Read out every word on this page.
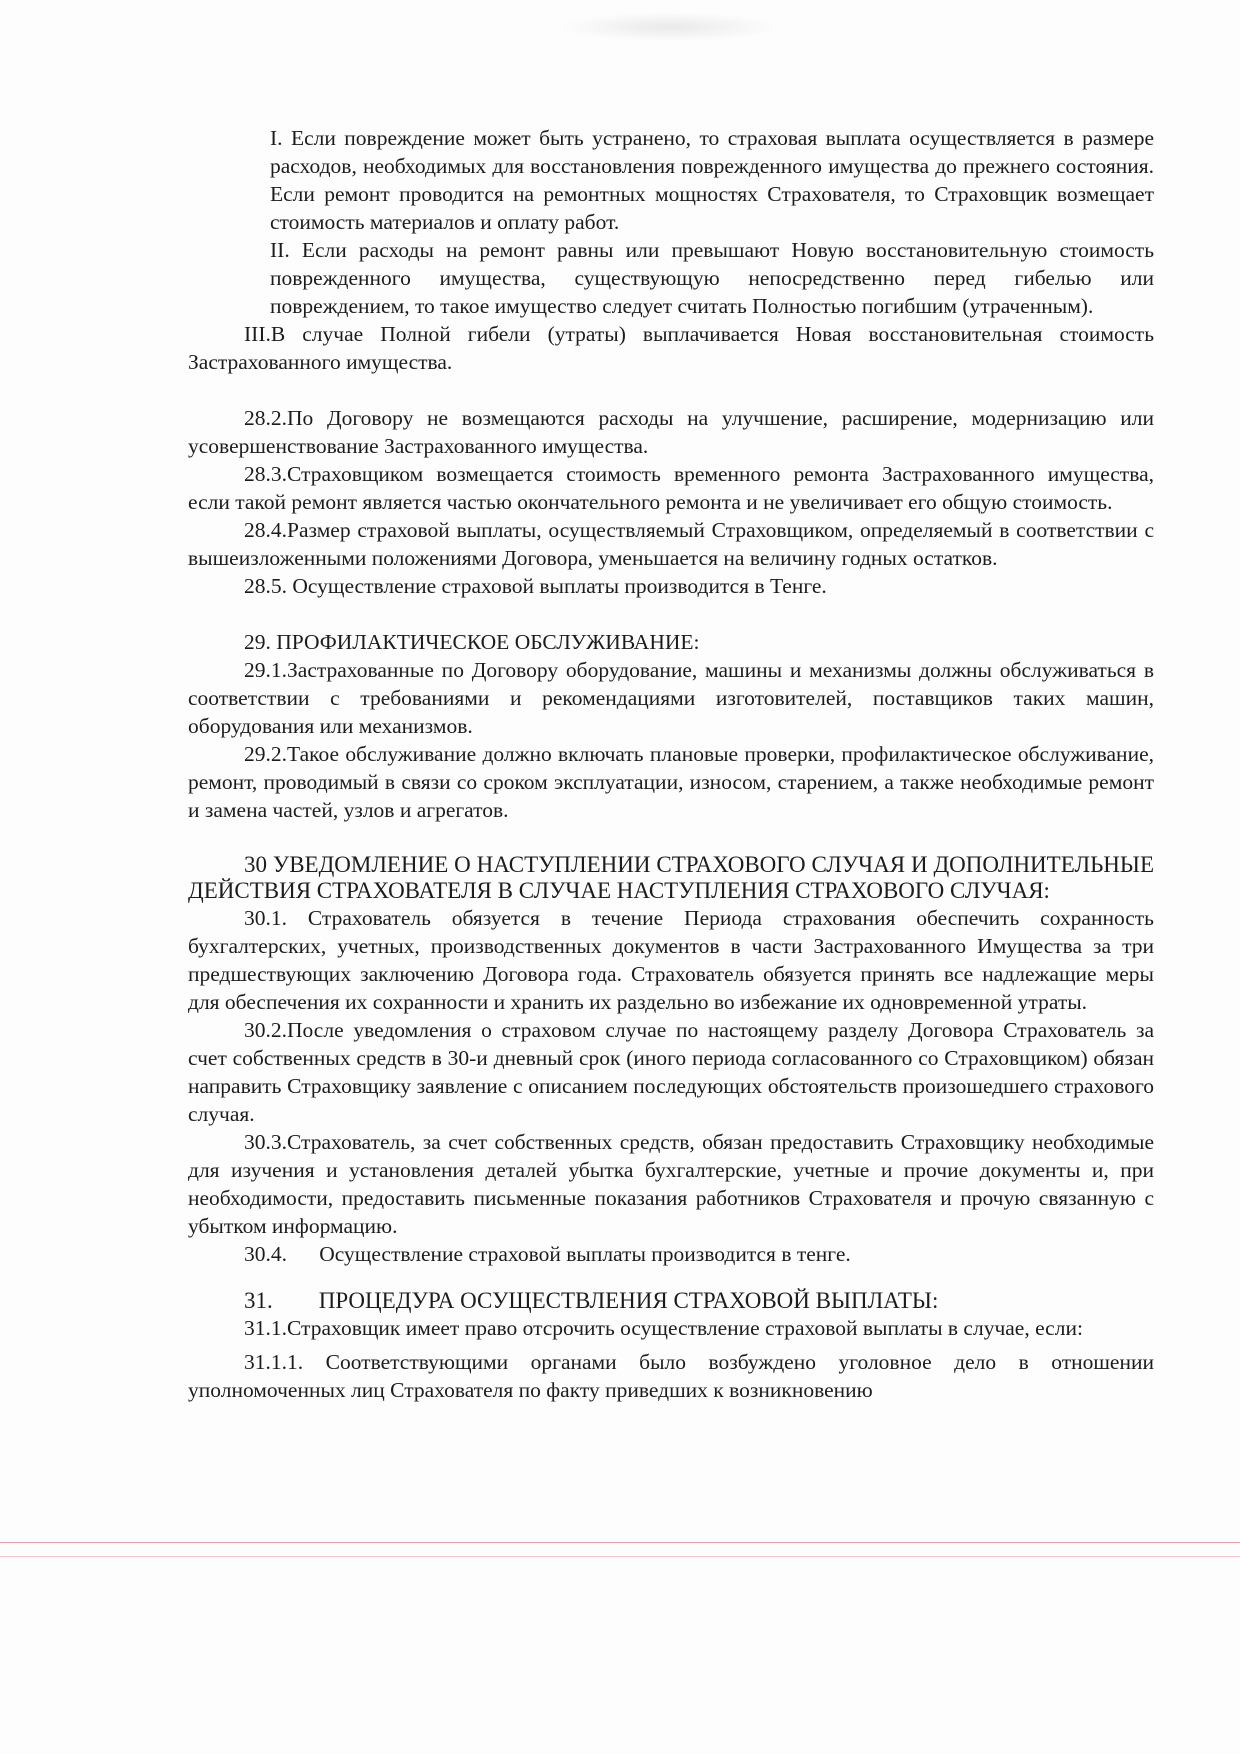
I. Если повреждение может быть устранено, то страховая выплата осуществляется в размере расходов, необходимых для восстановления поврежденного имущества до прежнего состояния. Если ремонт проводится на ремонтных мощностях Страхователя, то Страховщик возмещает стоимость материалов и оплату работ.

II. Если расходы на ремонт равны или превышают Новую восстановительную стоимость поврежденного имущества, существующую непосредственно перед гибелью или повреждением, то такое имущество следует считать Полностью погибшим (утраченным).

III.В случае Полной гибели (утраты) выплачивается Новая восстановительная стоимость Застрахованного имущества.

28.2.По Договору не возмещаются расходы на улучшение, расширение, модернизацию или усовершенствование Застрахованного имущества.

28.3.Страховщиком возмещается стоимость временного ремонта Застрахованного имущества, если такой ремонт является частью окончательного ремонта и не увеличивает его общую стоимость.

28.4.Размер страховой выплаты, осуществляемый Страховщиком, определяемый в соответствии с вышеизложенными положениями Договора, уменьшается на величину годных остатков.

28.5. Осуществление страховой выплаты производится в Тенге.

29. ПРОФИЛАКТИЧЕСКОЕ ОБСЛУЖИВАНИЕ:

29.1.Застрахованные по Договору оборудование, машины и механизмы должны обслуживаться в соответствии с требованиями и рекомендациями изготовителей, поставщиков таких машин, оборудования или механизмов.

29.2.Такое обслуживание должно включать плановые проверки, профилактическое обслуживание, ремонт, проводимый в связи со сроком эксплуатации, износом, старением, а также необходимые ремонт и замена частей, узлов и агрегатов.

30 УВЕДОМЛЕНИЕ О НАСТУПЛЕНИИ СТРАХОВОГО СЛУЧАЯ И ДОПОЛНИТЕЛЬНЫЕ ДЕЙСТВИЯ СТРАХОВАТЕЛЯ В СЛУЧАЕ НАСТУПЛЕНИЯ СТРАХОВОГО СЛУЧАЯ:

30.1. Страхователь обязуется в течение Периода страхования обеспечить сохранность бухгалтерских, учетных, производственных документов в части Застрахованного Имущества за три предшествующих заключению Договора года. Страхователь обязуется принять все надлежащие меры для обеспечения их сохранности и хранить их раздельно во избежание их одновременной утраты.

30.2.После уведомления о страховом случае по настоящему разделу Договора Страхователь за счет собственных средств в 30-и дневный срок (иного периода согласованного со Страховщиком) обязан направить Страховщику заявление с описанием последующих обстоятельств произошедшего страхового случая.

30.3.Страхователь, за счет собственных средств, обязан предоставить Страховщику необходимые для изучения и установления деталей убытка бухгалтерские, учетные и прочие документы и, при необходимости, предоставить письменные показания работников Страхователя и прочую связанную с убытком информацию.

30.4.      Осуществление страховой выплаты производится в тенге.

31.        ПРОЦЕДУРА ОСУЩЕСТВЛЕНИЯ СТРАХОВОЙ ВЫПЛАТЫ:

31.1.Страховщик имеет право отсрочить осуществление страховой выплаты в случае, если:

31.1.1. Соответствующими органами было возбуждено уголовное дело в отношении уполномоченных лиц Страхователя по факту приведших к возникновению
